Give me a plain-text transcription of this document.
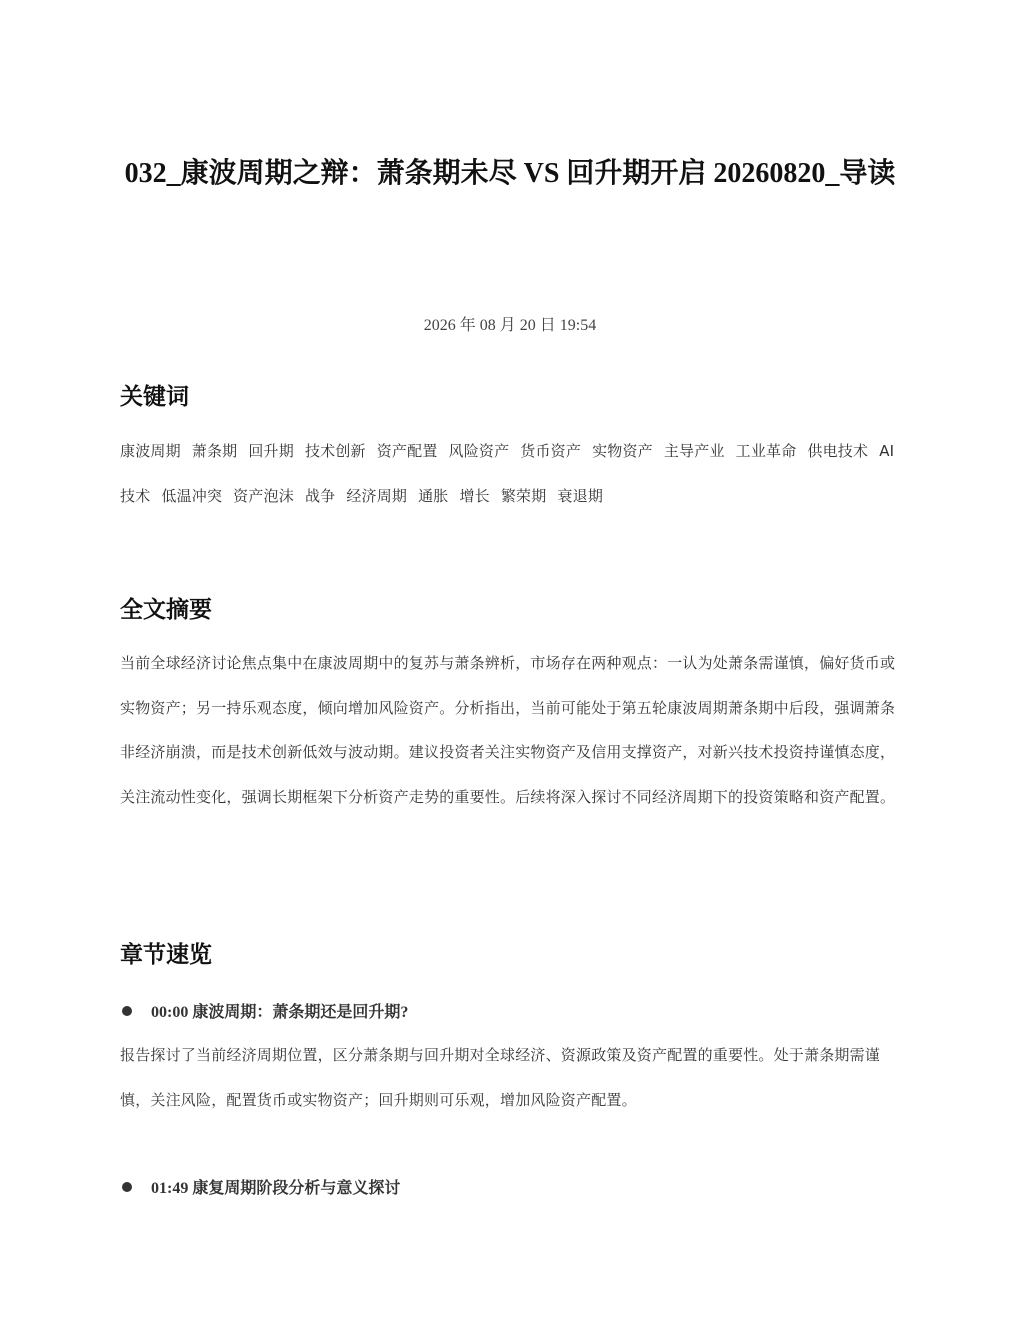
032_康波周期之辩：萧条期未尽 VS 回升期开启 20260820_导读

2026 年 08 月 20 日 19:54

关键词

康波周期 萧条期 回升期 技术创新 资产配置 风险资产 货币资产 实物资产 主导产业 工业革命 供电技术 AI 技术 低温冲突 资产泡沫 战争 经济周期 通胀 增长 繁荣期 衰退期

全文摘要

当前全球经济讨论焦点集中在康波周期中的复苏与萧条辨析，市场存在两种观点：一认为处萧条需谨慎，偏好货币或实物资产；另一持乐观态度，倾向增加风险资产。分析指出，当前可能处于第五轮康波周期萧条期中后段，强调萧条非经济崩溃，而是技术创新低效与波动期。建议投资者关注实物资产及信用支撑资产，对新兴技术投资持谨慎态度，关注流动性变化，强调长期框架下分析资产走势的重要性。后续将深入探讨不同经济周期下的投资策略和资产配置。

章节速览
00:00 康波周期：萧条期还是回升期?

报告探讨了当前经济周期位置，区分萧条期与回升期对全球经济、资源政策及资产配置的重要性。处于萧条期需谨慎，关注风险，配置货币或实物资产；回升期则可乐观，增加风险资产配置。

01:49 康复周期阶段分析与意义探讨
